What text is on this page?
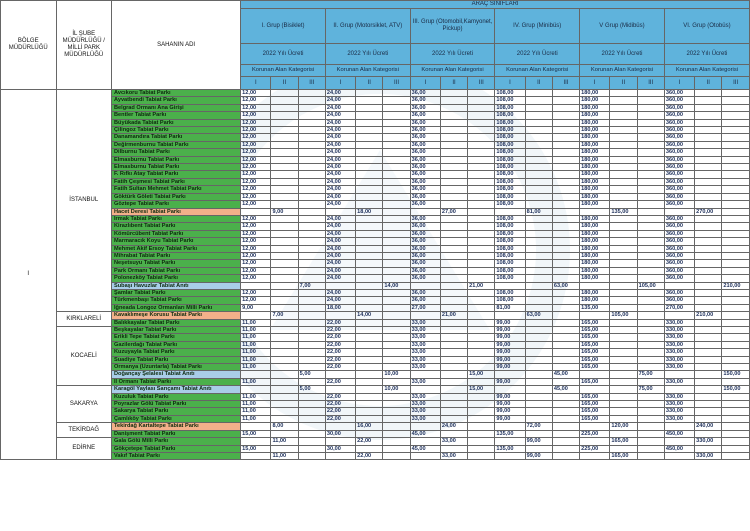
BÖLGE MÜDÜRLÜĞÜ	İL ŞUBE MÜDÜRLÜĞÜ / MİLLİ PARK MÜDÜRLÜĞÜ	SAHANIN ADI	ARAÇ SINIFLARI																	
			I. Grup (Bisiklet)			II. Grup (Motorsiklet, ATV)			III. Grup (Otomobil,Kamyonet, Pickup)			IV. Grup (Minibüs)			V Grup (Midibüs)			VI. Grup (Otobüs)		
			2022 Yılı Ücreti			2022 Yılı Ücreti			2022 Yılı Ücreti			2022 Yılı Ücreti			2022 Yılı Ücreti			2022 Yılı Ücreti		
			Korunan Alan Kategorisi			Korunan Alan Kategorisi			Korunan Alan Kategorisi			Korunan Alan Kategorisi			Korunan Alan Kategorisi			Korunan Alan Kategorisi		
			I	II	III	I	II	III	I	II	III	I	II	III	I	II	III	I	II	III
I	İSTANBUL	Avcıkoru Tabiat Parkı	12,00			24,00			36,00			108,00			180,00			360,00		
		Ayvatbendi Tabiat Parkı	12,00			24,00			36,00			108,00			180,00			360,00		
		Belgrad Ormanı Ana Girişi	12,00			24,00			36,00			108,00			180,00			360,00		
		Bentler Tabiat Parkı	12,00			24,00			36,00			108,00			180,00			360,00		
		Büyükada Tabiat Parkı	12,00			24,00			36,00			108,00			180,00			360,00		
		Çilingoz Tabiat Parkı	12,00			24,00			36,00			108,00			180,00			360,00		
		Danamandıra Tabiat Parkı	12,00			24,00			36,00			108,00			180,00			360,00		
		Değirmenburnu Tabiat Parkı	12,00			24,00			36,00			108,00			180,00			360,00		
		Dilburnu Tabiat Parkı	12,00			24,00			36,00			108,00			180,00			360,00		
		Elmasburnu Tabiat Parkı	12,00			24,00			36,00			108,00			180,00			360,00		
		Elmasburnu Tabiat Parkı	12,00			24,00			36,00			108,00			180,00			360,00		
		F. Rıfkı Atay Tabiat Parkı	12,00			24,00			36,00			108,00			180,00			360,00		
		Fatih Çeşmesi Tabiat Parkı	12,00			24,00			36,00			108,00			180,00			360,00		
		Fatih Sultan Mehmet Tabiat Parkı	12,00			24,00			36,00			108,00			180,00			360,00		
		Göktürk Göleti Tabiat Parkı	12,00			24,00			36,00			108,00			180,00			360,00		
		Göztepe Tabiat Parkı	12,00			24,00			36,00			108,00			180,00			360,00		
		Hacet Deresi Tabiat Parkı		9,00			18,00			27,00			81,00			135,00			270,00	
		Irmak Tabiat Parkı	12,00			24,00			36,00			108,00			180,00			360,00		
		Kirazlıbent Tabiat Parkı	12,00			24,00			36,00			108,00			180,00			360,00		
		Kömürcübent Tabiat Parkı	12,00			24,00			36,00			108,00			180,00			360,00		
		Marmaracık Koyu Tabiat Parkı	12,00			24,00			36,00			108,00			180,00			360,00		
		Mehmet Akif Ersoy Tabiat Parkı	12,00			24,00			36,00			108,00			180,00			360,00		
		Mihrabat Tabiat Parkı	12,00			24,00			36,00			108,00			180,00			360,00		
		Neşetsuyu Tabiat Parkı	12,00			24,00			36,00			108,00			180,00			360,00		
		Park Ormanı Tabiat Parkı	12,00			24,00			36,00			108,00			180,00			360,00		
		Polonezköy Tabiat Parkı	12,00			24,00			36,00			108,00			180,00			360,00		
		Subaşı Havuzlar Tabiat Anıtı			7,00			14,00			21,00			63,00			105,00			210,00
		Şamlar Tabiat Parkı	12,00			24,00			36,00			108,00			180,00			360,00		
		Türkmenbaşı Tabiat Parkı	12,00			24,00			36,00			108,00			180,00			360,00		
		İğneada Longoz Ormanları Milli Parkı	9,00			18,00			27,00			81,00			135,00			270,00		
	KIRKLARELİ	Kavaklımeşe Korusu Tabiat Parkı		7,00			14,00			21,00			63,00			105,00			210,00	
		Balıkkayalar Tabiat Parkı	11,00			22,00			33,00			99,00			165,00			330,00		
	KOCAELİ	Beşkayalar Tabiat Parkı	11,00			22,00			33,00			99,00			165,00			330,00		
		Erikli Tepe Tabiat Parkı	11,00			22,00			33,00			99,00			165,00			330,00		
		Gazilerdağı Tabiat Parkı	11,00			22,00			33,00			99,00			165,00			330,00		
		Kuzuyayla Tabiat Parkı	11,00			22,00			33,00			99,00			165,00			330,00		
		Suadiye Tabiat Parkı	11,00			22,00			33,00			99,00			165,00			330,00		
		Ormanya (Uzuntarla) Tabiat Parkı	11,00			22,00			33,00			99,00			165,00			330,00		
		Doğançay Şelalesi Tabiat Anıtı			5,00			10,00			15,00			45,00			75,00			150,00
		İl Ormanı Tabiat Parkı	11,00			22,00			33,00			99,00			165,00			330,00		
	SAKARYA	Karagöl Yaylası Sarıçamı Tabiat Anıtı			5,00			10,00			15,00			45,00			75,00			150,00
		Kuzuluk Tabiat Parkı	11,00			22,00			33,00			99,00			165,00			330,00		
		Poyrazlar Gölü Tabiat Parkı	11,00			22,00			33,00			99,00			165,00			330,00		
		Sakarya Tabiat Parkı	11,00			22,00			33,00			99,00			165,00			330,00		
		Çamlıköy Tabiat Parkı	11,00			22,00			33,00			99,00			165,00			330,00		
	TEKİRDAĞ	Tekirdağ Kartaltepe Tabiat Parkı		8,00			16,00			24,00			72,00			120,00			240,00	
		Danişment Tabiat Parkı	15,00			30,00			45,00			135,00			225,00			450,00		
	EDİRNE	Gala Gölü Milli Parkı		11,00			22,00			33,00			99,00			165,00			330,00	
		Gökçetepe Tabiat Parkı	15,00			30,00			45,00			135,00			225,00			450,00		
		Vakıf Tabiat Parkı		11,00			22,00			33,00			99,00			165,00			330,00	
